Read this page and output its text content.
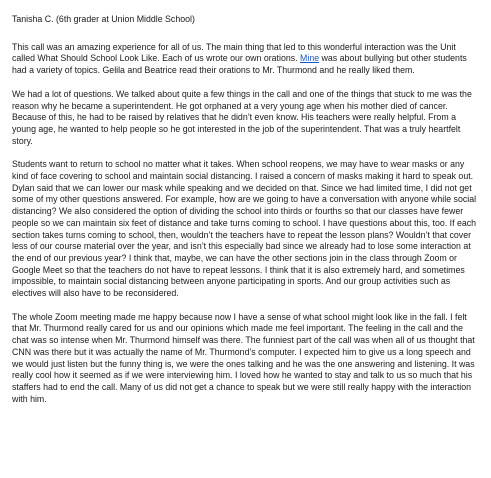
Tanisha C. (6th grader at Union Middle School)

This call was an amazing experience for all of us. The main thing that led to this wonderful interaction was the Unit called What Should School Look Like. Each of us wrote our own orations. Mine was about bullying but other students had a variety of topics. Gelila and Beatrice read their orations to Mr. Thurmond and he really liked them.

We had a lot of questions. We talked about quite a few things in the call and one of the things that stuck to me was the reason why he became a superintendent. He got orphaned at a very young age when his mother died of cancer. Because of this, he had to be raised by relatives that he didn’t even know. His teachers were really helpful. From a young age, he wanted to help people so he got interested in the job of the superintendent. That was a truly heartfelt story.

Students want to return to school no matter what it takes. When school reopens, we may have to wear masks or any kind of face covering to school and maintain social distancing. I raised a concern of masks making it hard to speak out. Dylan said that we can lower our mask while speaking and we decided on that. Since we had limited time, I did not get some of my other questions answered. For example, how are we going to have a conversation with anyone while social distancing? We also considered the option of dividing the school into thirds or fourths so that our classes have fewer people so we can maintain six feet of distance and take turns coming to school. I have questions about this, too. If each section takes turns coming to school, then, wouldn’t the teachers have to repeat the lesson plans? Wouldn’t that cover less of our course material over the year, and isn’t this especially bad since we already had to lose some interaction at the end of our previous year? I think that, maybe, we can have the other sections join in the class through Zoom or Google Meet so that the teachers do not have to repeat lessons. I think that it is also extremely hard, and sometimes impossible, to maintain social distancing between anyone participating in sports. And our group activities such as electives will also have to be reconsidered.

The whole Zoom meeting made me happy because now I have a sense of what school might look like in the fall. I felt that Mr. Thurmond really cared for us and our opinions which made me feel important. The feeling in the call and the chat was so intense when Mr. Thurmond himself was there. The funniest part of the call was when all of us thought that CNN was there but it was actually the name of Mr. Thurmond’s computer. I expected him to give us a long speech and we would just listen but the funny thing is, we were the ones talking and he was the one answering and listening. It was really cool how it seemed as if we were interviewing him. I loved how he wanted to stay and talk to us so much that his staffers had to end the call. Many of us did not get a chance to speak but we were still really happy with the interaction with him.
